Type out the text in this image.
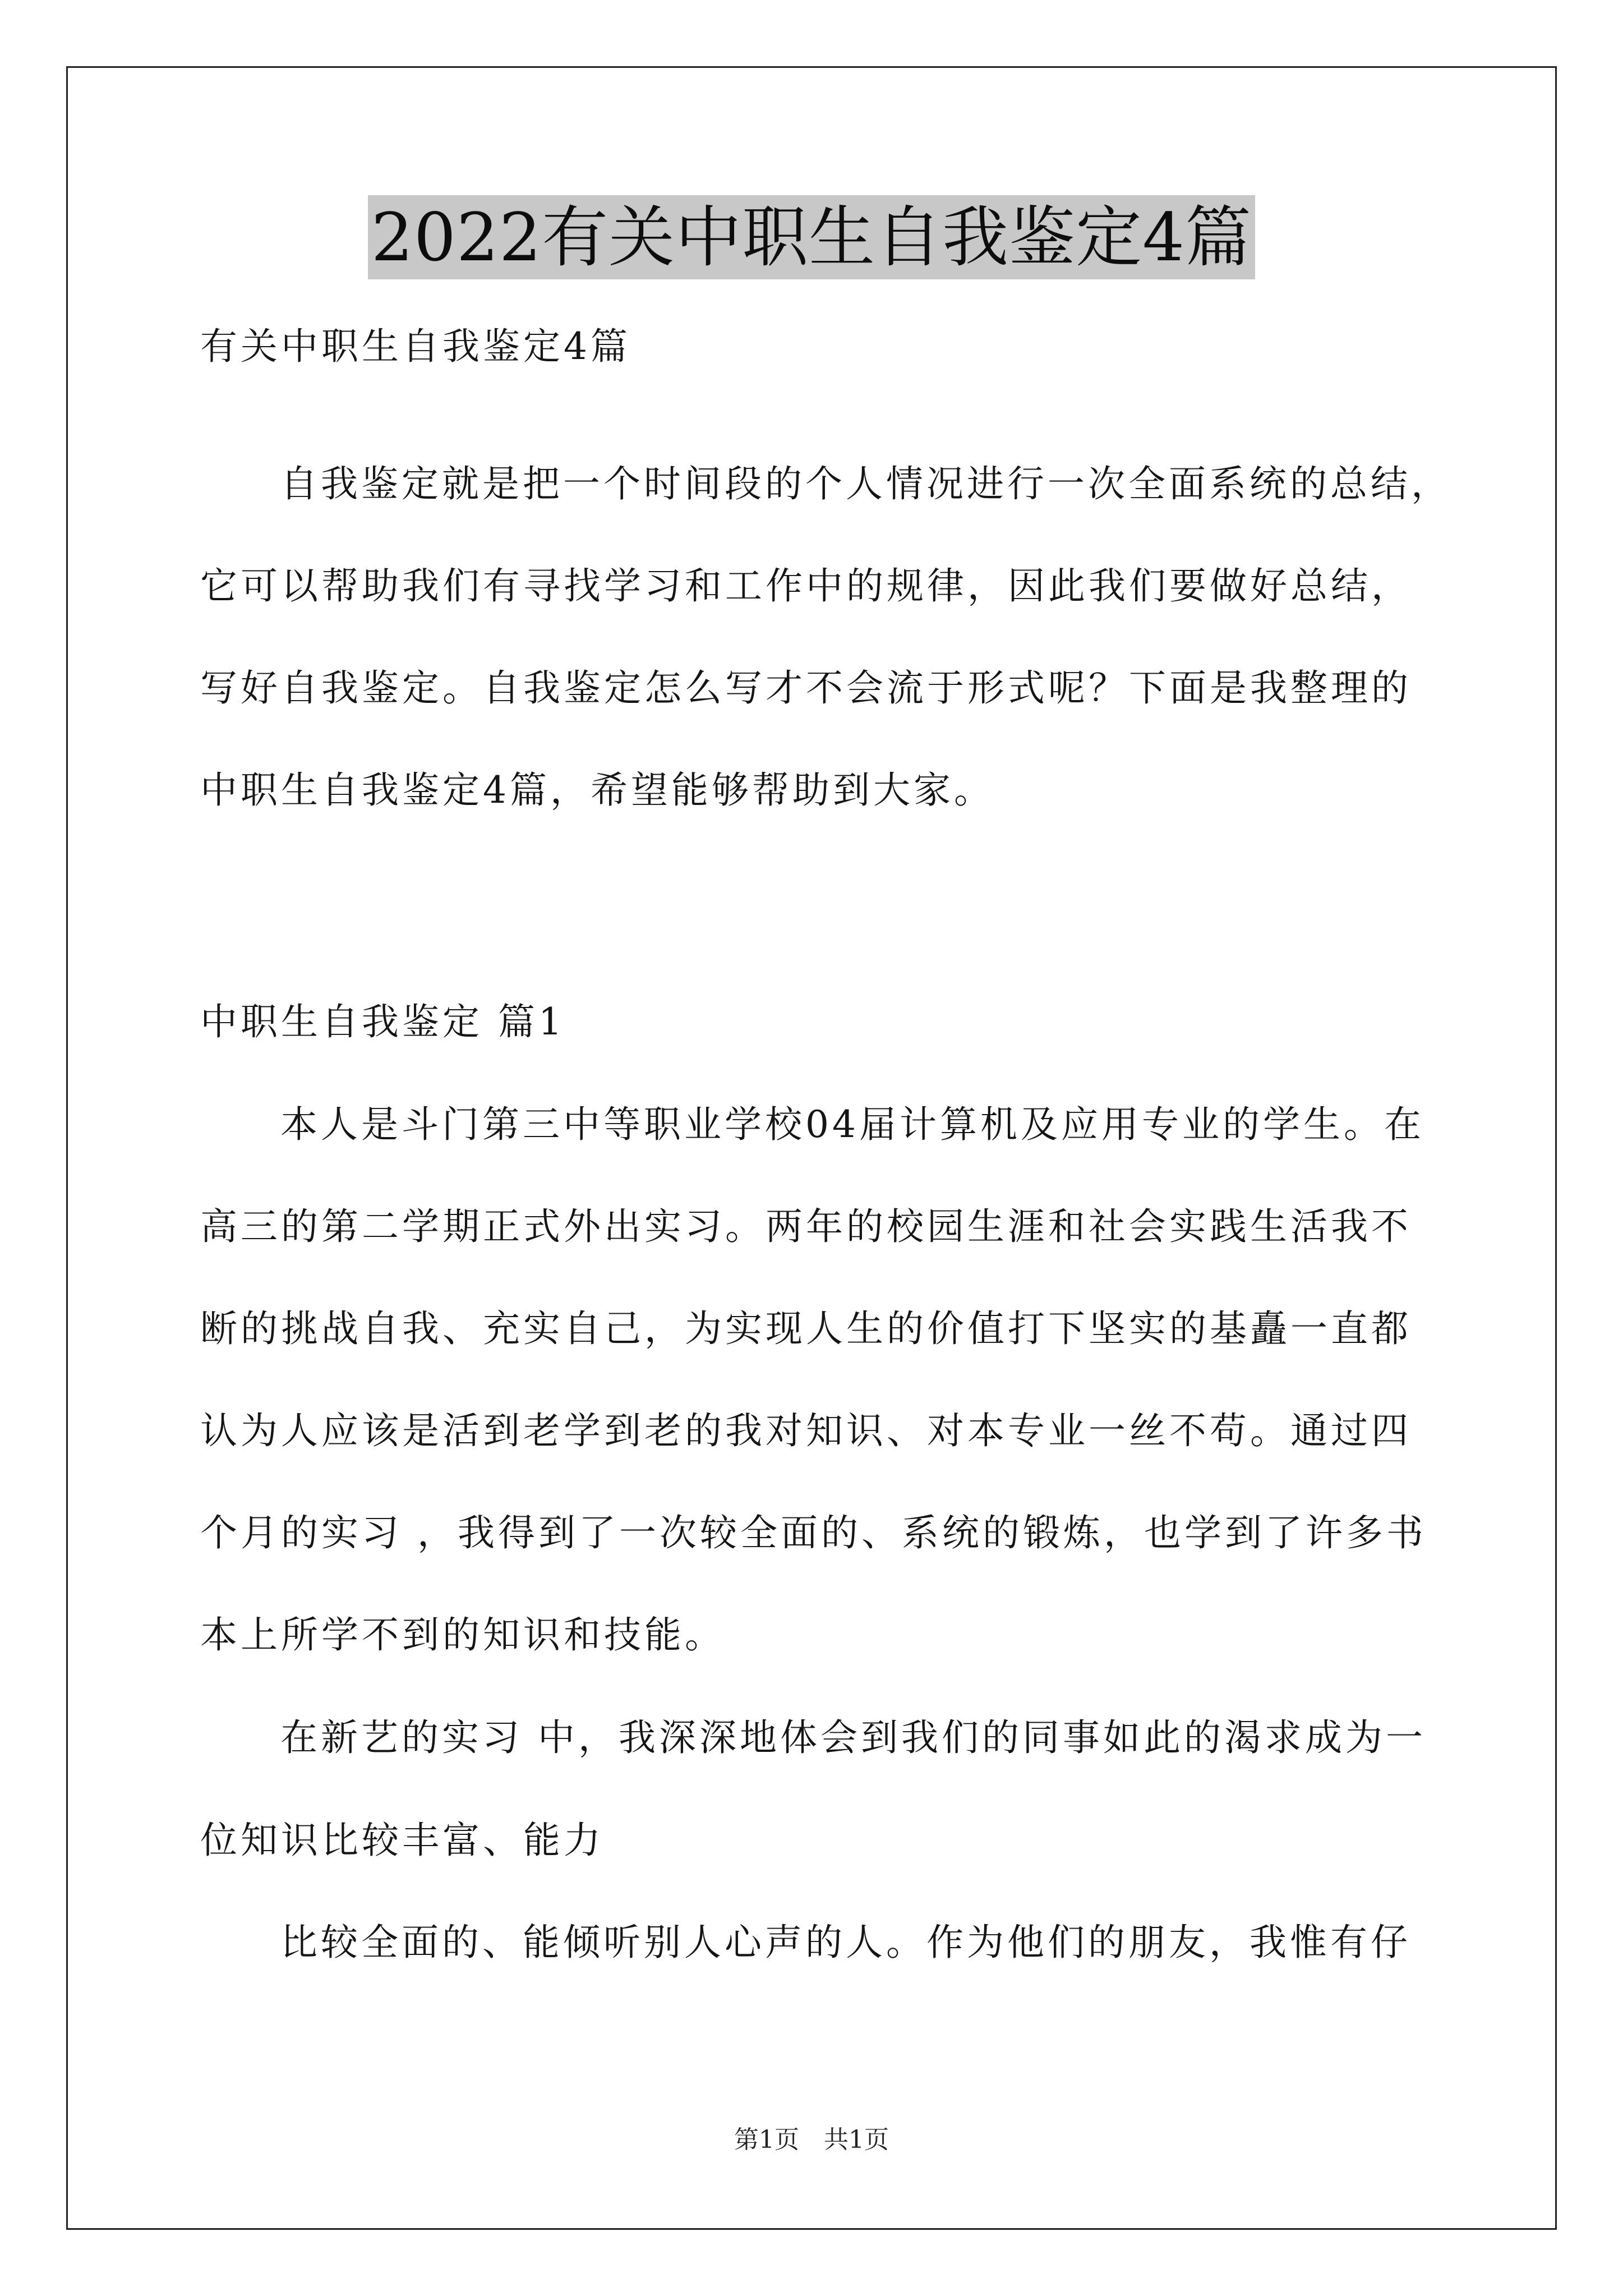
2022有关中职生自我鉴定4篇
有关中职生自我鉴定4篇
自我鉴定就是把一个时间段的个人情况进行一次全面系统的总结，
它可以帮助我们有寻找学习和工作中的规律，因此我们要做好总结，
写好自我鉴定。自我鉴定怎么写才不会流于形式呢？下面是我整理的
中职生自我鉴定4篇，希望能够帮助到大家。
中职生自我鉴定 篇1
本人是斗门第三中等职业学校04届计算机及应用专业的学生。在
高三的第二学期正式外出实习。两年的校园生涯和社会实践生活我不
断的挑战自我、充实自己，为实现人生的价值打下坚实的基矗一直都
认为人应该是活到老学到老的我对知识、对本专业一丝不苟。通过四
个月的实习 ，我得到了一次较全面的、系统的锻炼，也学到了许多书
本上所学不到的知识和技能。
在新艺的实习 中，我深深地体会到我们的同事如此的渴求成为一
位知识比较丰富、能力
比较全面的、能倾听别人心声的人。作为他们的朋友，我惟有仔
第1页　共1页
